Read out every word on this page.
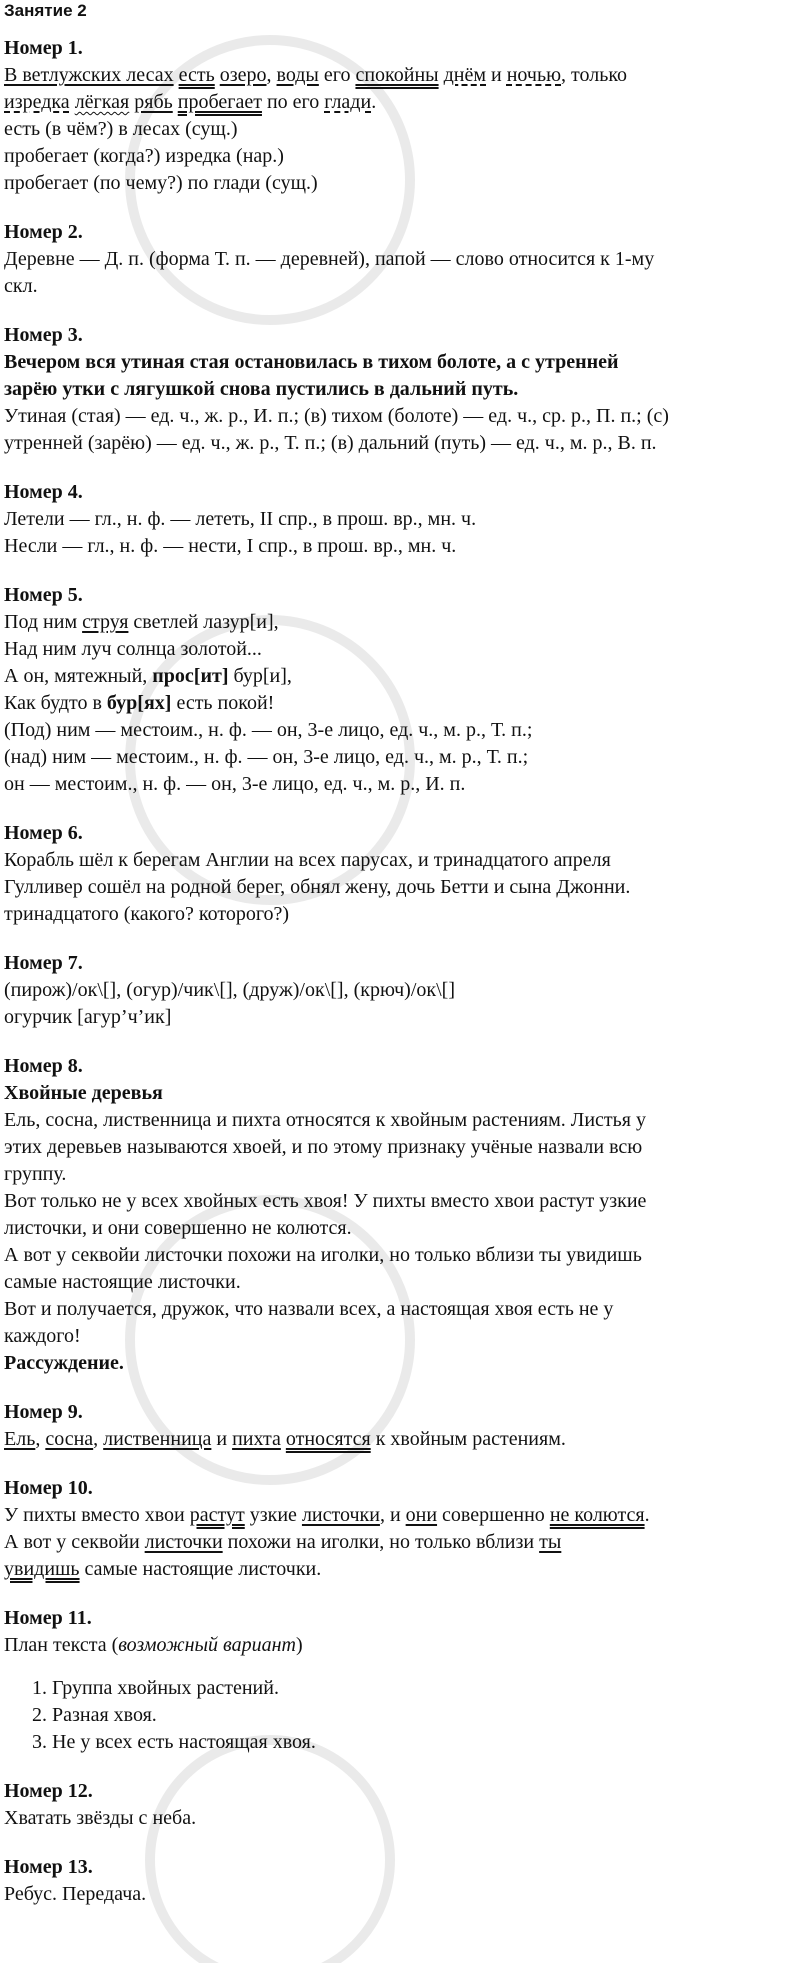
Занятие 2
Номер 1.
В ветлужских лесах есть озеро, воды его спокойны днём и ночью, только
изредка лёгкая рябь пробегает по его глади.
есть (в чём?) в лесах (сущ.)
пробегает (когда?) изредка (нар.)
пробегает (по чему?) по глади (сущ.)
Номер 2.
Деревне — Д. п. (форма Т. п. — деревней), папой — слово относится к 1-му
скл.
Номер 3.
Вечером вся утиная стая остановилась в тихом болоте, а с утренней
зарёю утки с лягушкой снова пустились в дальний путь.
Утиная (стая) — ед. ч., ж. р., И. п.; (в) тихом (болоте) — ед. ч., ср. р., П. п.; (с)
утренней (зарёю) — ед. ч., ж. р., Т. п.; (в) дальний (путь) — ед. ч., м. р., В. п.
Номер 4.
Летели — гл., н. ф. — лететь, II спр., в прош. вр., мн. ч.
Несли — гл., н. ф. — нести, I спр., в прош. вр., мн. ч.
Номер 5.
Под ним струя светлей лазур[и],
Над ним луч солнца золотой...
А он, мятежный, прос[ит] бур[и],
Как будто в бур[ях] есть покой!
(Под) ним — местоим., н. ф. — он, 3-е лицо, ед. ч., м. р., Т. п.;
(над) ним — местоим., н. ф. — он, 3-е лицо, ед. ч., м. р., Т. п.;
он — местоим., н. ф. — он, 3-е лицо, ед. ч., м. р., И. п.
Номер 6.
Корабль шёл к берегам Англии на всех парусах, и тринадцатого апреля
Гулливер сошёл на родной берег, обнял жену, дочь Бетти и сына Джонни.
тринадцатого (какого? которого?)
Номер 7.
(пирож)/ок\[], (огур)/чик\[], (друж)/ок\[], (крюч)/ок\[]
огурчик [агур’ч’ик]
Номер 8.
Хвойные деревья
Ель, сосна, лиственница и пихта относятся к хвойным растениям. Листья у
этих деревьев называются хвоей, и по этому признаку учёные назвали всю
группу.
Вот только не у всех хвойных есть хвоя! У пихты вместо хвои растут узкие
листочки, и они совершенно не колются.
А вот у секвойи листочки похожи на иголки, но только вблизи ты увидишь
самые настоящие листочки.
Вот и получается, дружок, что назвали всех, а настоящая хвоя есть не у
каждого!
Рассуждение.
Номер 9.
Ель, сосна, лиственница и пихта относятся к хвойным растениям.
Номер 10.
У пихты вместо хвои растут узкие листочки, и они совершенно не колются.
А вот у секвойи листочки похожи на иголки, но только вблизи ты
увидишь самые настоящие листочки.
Номер 11.
План текста (возможный вариант)
1. Группа хвойных растений.
2. Разная хвоя.
3. Не у всех есть настоящая хвоя.
Номер 12.
Хватать звёзды с неба.
Номер 13.
Ребус. Передача.
